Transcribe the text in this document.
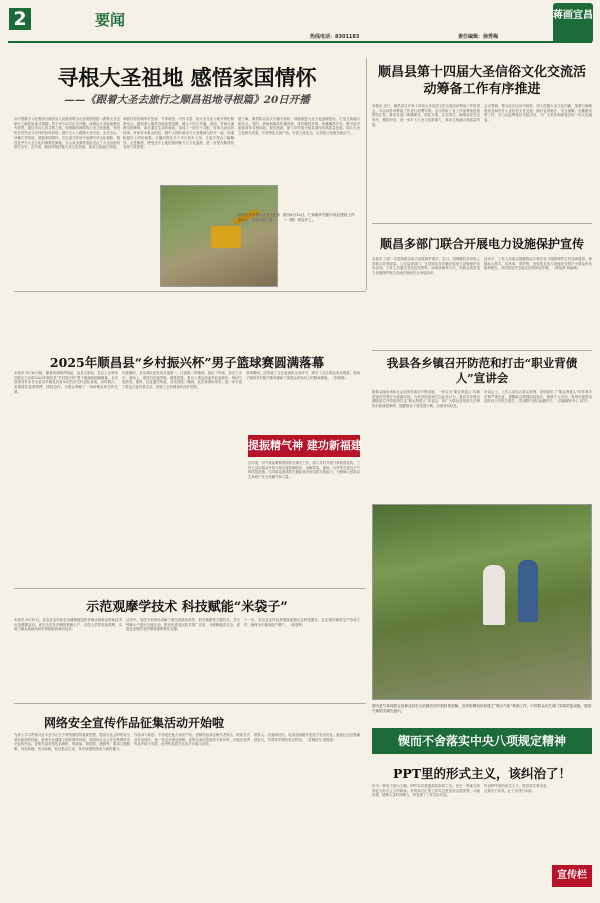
2	要闻
热线电话：8301183	责任编辑：徐秀梅
蒋画宜昌
寻根大圣祖地 感悟家国情怀
——《跟着大圣去旅行之顺昌祖地寻根篇》20日开播
由中国数字文化集团与顺昌县人民政府联合出品的微短剧《跟着大圣去旅行之顺昌祖地寻根篇》将于8月20日正式开播。该剧以大圣祖地顺昌为背景，通过年轻人的寻根之旅，展现顺昌深厚的大圣文化底蕴、秀美的自然风光与淳朴的民风民俗。剧中主人公跟随大圣足迹，走访宝山、读懂古老传说，感悟家国情怀，在沉浸式体验中追溯中华文化根脉。顺昌是齐天大圣文化的重要发源地，宝山双圣墓等遗址见证了大圣信俗的悠久历史。近年来，顺昌持续挖掘大圣文化资源，推动文旅融合发展。
该剧以短视频形式呈现，节奏明快、内容丰富，将大圣文化与地方特色紧密结合。剧组深入顺昌各地取景拍摄，镜头下的古村落、茶园、竹海与溪流交相辉映。演员通过生动的表演，讲述了一段关于寻根、传承与成长的故事。家家有本难念的经，剧中人物的命运与大圣精神交织在一起，传递积极向上的价值观。开播后将在多个平台同步上线，让更多观众了解顺昌、走进顺昌，感受这片土地的独特魅力与文化温度，进一步提升顺昌知名度与美誉度。
据了解，顺昌将以此次开播为契机，持续推进大圣文化品牌建设，打造文旅融合新亮点。同时，借助新媒体传播优势，讲好顺昌故事，传播顺昌声音，吸引更多游客前来寻根问祖、观光旅游，助力乡村振兴和县域经济高质量发展。结合大圣文化研究成果，开发特色文创产品，丰富文旅业态，让传统文化焕发新活力。
图为8月12日，仁寿镇乡村振兴项目建设工作（一期）项目开工。
顺昌时间背景与大圣文化深度融合，呈现寻根之旅。
顺昌县第十四届大圣信俗文化交流活动筹备工作有序推进
本报讯 近日，顺昌县召开第十四届大圣信俗文化交流活动筹备工作推进会，对活动各项筹备工作进行部署安排。会议听取了各工作组筹备进展情况汇报，要求各部门明确职责、细化方案、压实责任，确保活动安全有序、精彩纷呈，进一步扩大大圣文化影响力，推动文旅融合高质量发展。
会议强调，要以此次活动为契机，深入挖掘大圣文化内涵，加强与海峡两岸及海内外大圣信俗文化交流，做好宣传推介、安全保障、后勤服务等工作，全力以赴筹备好本届活动，为广大来宾和游客呈现一场文化盛宴。
顺昌多部门联合开展电力设施保护宣传
本报讯 为进一步提高群众电力设施保护意识，近日，国网顺昌县供电公司联合县发改局、公安局等部门，在县城及各乡镇开展电力设施保护宣传活动。工作人员通过发放宣传资料、现场讲解等方式，向群众普及电力设施保护相关法律法规和安全用电知识。
活动中，工作人员重点提醒群众不要在电力线路保护区内违章建房、种植高大树木、放风筝、垂钓等，发现危及电力设施安全的行为要及时劝阻和报告，共同营造安全稳定的供用电环境。（林怡倩 黄晶娥）
2025年顺昌县“乡村振兴杯”男子篮球赛圆满落幕
本报讯 8月16日晚，随着终场哨声响起，由县文旅局、县总工会等单位联合主办的2025年顺昌县“乡村振兴杯”男子篮球赛圆满落幕。本次赛事共有来自全县各乡镇及县直单位的多支代表队参赛，历时数日，参赛球员奋勇拼搏、团结协作，为观众奉献了一场场精彩纷呈的比赛。
比赛期间，各参赛队伍发扬友谊第一、比赛第二的精神，赛出了风格、赛出了水平。赛场上，球员们快速突破、精准投篮，看台上观众加油声此起彼伏，现场气氛热烈。最终，经过激烈角逐，各奖项逐一揭晓。此次赛事的举办，进一步丰富了群众文化体育生活，营造了全民健身的良好氛围。
赛事期间，还穿插了文艺表演和互动环节，吸引了众多群众前来观赛，展现了顺昌乡村振兴新风貌和干部群众昂扬向上的精神面貌。（李斌斌）
提振精气神 建功新福建
近年来，县气象局紧紧围绕防灾减灾工作，深入乡村开展气象科普宣传。工作人员向群众介绍气象灾害防御知识，讲解雷电、暴雨、台风等灾害性天气的防范措施，引导群众提高防灾避险意识和自救互救能力，为保障人民群众生命财产安全贡献气象力量。
我县各乡镇召开防范和打击“职业背债人”宣讲会
随着金融市场和社会信用体系的不断发展，一种名为“职业背债人”的新型违法犯罪行为逐渐浮现。为有效防范和打击此类行为，我县各乡镇近期陆续召开防范和打击“职业背债人”宣讲会，向广大群众宣传相关法律知识和典型案例，提醒群众不要贪图小利、出借身份信息。
宣讲会上，工作人员结合真实案例，详细剖析了“职业背债人”的作案手法和严重危害，提醒群众增强防范意识，珍惜个人信用，发现可疑情况及时向公安机关报告，共同维护良好金融秩序。（县融媒体中心 邱宇）
图为县气象局联合县林业局在元坑镇农村开展科普讲解，宣传防御知识和建立“联合气象”基础工作，引导群众有关部门安装防雷设施，提高气象防灾减灾意识。
示范观摩学技术 科技赋能“米袋子”
本报讯 8月15日，县农业农村局在双溪街道组织开展水稻新品种新技术示范观摩活动。来自全县各乡镇的种粮大户、农技人员等参加观摩，实地了解水稻新品种长势和配套栽培技术。
活动中，农技专家现场讲解了病虫害绿色防控、科学施肥等关键技术，并与种粮大户进行交流互动，推动先进适用技术推广应用，为保障粮食安全、促进农业增效农民增收提供科技支撑。
下一步，县农业农村局将继续加强农业科技服务，扎实做好粮食生产各项工作，确保全年粮食稳产增产。（林逸辉）
网络安全宣传作品征集活动开始啦
为深入学习贯彻习近平总书记关于网络强国的重要思想，提高全社会网络安全意识和防护技能，营造安全健康文明的网络环境，现面向社会公开征集网络安全宣传作品。征集作品类型包括海报、短视频、微电影、漫画等，要求主题鲜明、内容积极、形式新颖，贴近群众生活，具有较强的感染力和传播力。
作品须为原创，不得侵犯他人知识产权。投稿作品请注明作者姓名、联系方式及作品简介，统一发送至指定邮箱。征集结束后将组织专家评审，评选出优秀作品并给予奖励，优秀作品将在各类平台展示宣传。
联系人：县委网信办，电话及邮箱详见官方发布信息。欢迎社会各界踊跃参与，共同筑牢网络安全防线。（县网信办 周燕春）	锲而不舍落实中央八项规定精神
PPT里的形式主义，该纠治了！
作为一种电子演示文稿，PPT本应是提高效率的工具，但在一些地方却异化为形式主义的载体。有的单位汇报工作时过度追求页面美观、动画效果，耗费大量时间精力，却忽视了工作实际内容。
纠治PPT里的形式主义，要坚持实事求是，注重实干实效，让工作回归本源。
宣传栏
